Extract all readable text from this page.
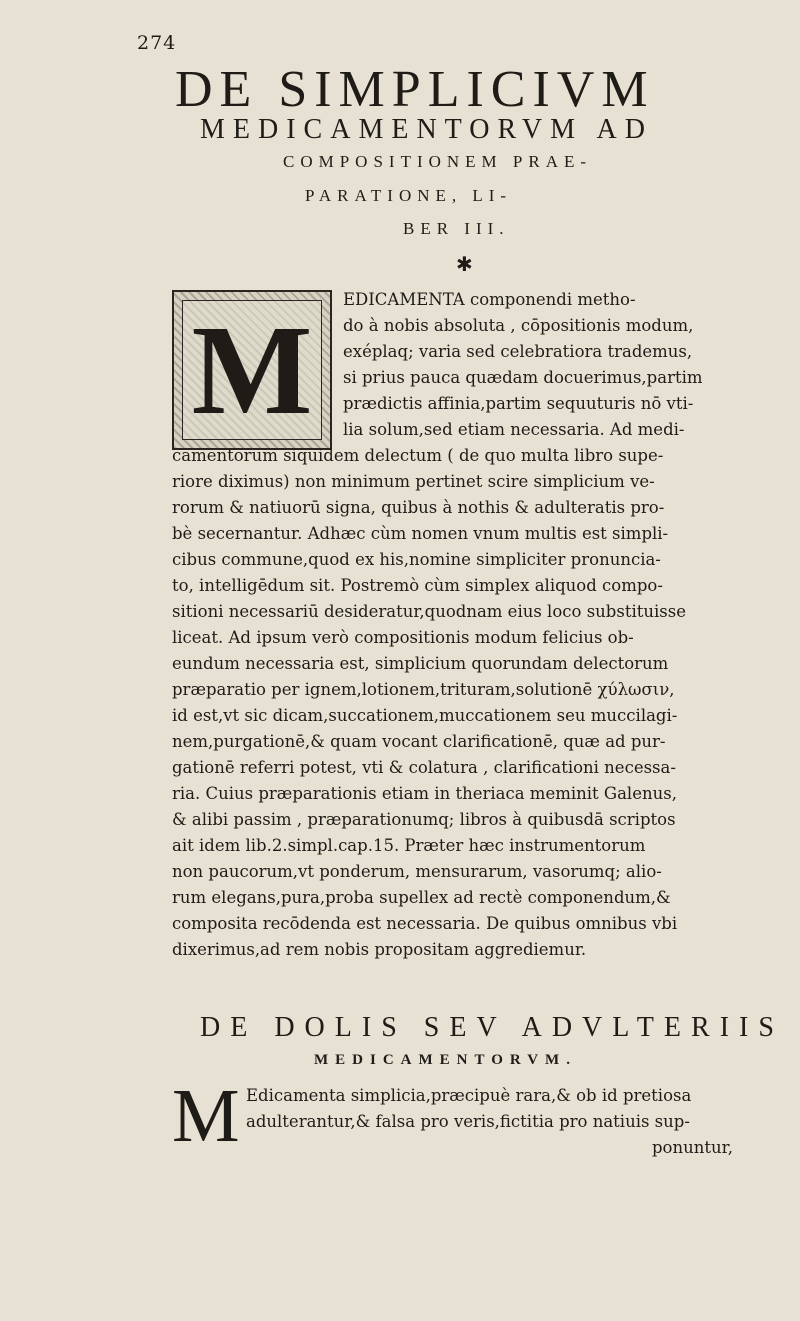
274
DE SIMPLICIVM
MEDICAMENTORVM AD
COMPOSITIONEM PRAE-
PARATIONE, LI-
BER III.
✱
M EDICAMENTA componendi metho-
do à nobis absoluta , cōpositionis modum,
exéplaq; varia sed celebratiora trademus,
si prius pauca quædam docuerimus,partim
prædictis affinia,partim sequuturis nō vti-
lia solum,sed etiam necessaria. Ad medi-
camentorum siquidem delectum ( de quo multa libro supe-
riore diximus) non minimum pertinet scire simplicium ve-
rorum & natiuorū signa, quibus à nothis & adulteratis pro-
bè secernantur. Adhæc cùm nomen vnum multis est simpli-
cibus commune,quod ex his,nomine simpliciter pronuncia-
to, intelligēdum sit. Postremò cùm simplex aliquod compo-
sitioni necessariū desideratur,quodnam eius loco substituisse
liceat. Ad ipsum verò compositionis modum felicius ob-
eundum necessaria est, simplicium quorundam delectorum
præparatio per ignem,lotionem,trituram,solutionē χύλωσιν,
id est,vt sic dicam,succationem,muccationem seu muccilagi-
nem,purgationē,& quam vocant clarificationē, quæ ad pur-
gationē referri potest, vti & colatura , clarificationi necessa-
ria. Cuius præparationis etiam in theriaca meminit Galenus,
& alibi passim , præparationumq; libros à quibusdā scriptos
ait idem lib.2.simpl.cap.15. Præter hæc instrumentorum
non paucorum,vt ponderum, mensurarum, vasorumq; alio-
rum elegans,pura,proba supellex ad rectè componendum,&
composita recōdenda est necessaria. De quibus omnibus vbi
dixerimus,ad rem nobis propositam aggrediemur.
DE DOLIS SEV ADVLTERIIS
MEDICAMENTORVM.
M Edicamenta simplicia,præcipuè rara,& ob id pretiosa
adulterantur,& falsa pro veris,fictitia pro natiuis sup-
ponuntur,
